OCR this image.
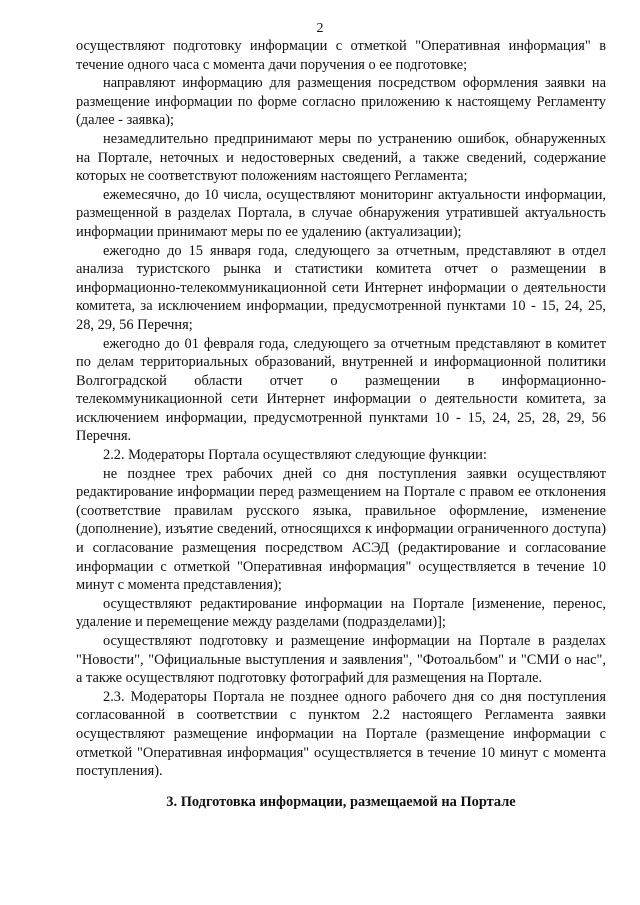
2

осуществляют подготовку информации с отметкой "Оперативная информация" в течение одного часа с момента дачи поручения о ее подготовке;

направляют информацию для размещения посредством оформления заявки на размещение информации по форме согласно приложению к настоящему Регламенту (далее - заявка);

незамедлительно предпринимают меры по устранению ошибок, обнаруженных на Портале, неточных и недостоверных сведений, а также сведений, содержание которых не соответствуют положениям настоящего Регламента;

ежемесячно, до 10 числа, осуществляют мониторинг актуальности информации, размещенной в разделах Портала, в случае обнаружения утратившей актуальность информации принимают меры по ее удалению (актуализации);

ежегодно до 15 января года, следующего за отчетным, представляют в отдел анализа туристского рынка и статистики комитета отчет о размещении в информационно-телекоммуникационной сети Интернет информации о деятельности комитета, за исключением информации, предусмотренной пунктами 10 - 15, 24, 25, 28, 29, 56 Перечня;

ежегодно до 01 февраля года, следующего за отчетным представляют в комитет по делам территориальных образований, внутренней и информационной политики Волгоградской области отчет о размещении в информационно-телекоммуникационной сети Интернет информации о деятельности комитета, за исключением информации, предусмотренной пунктами 10 - 15, 24, 25, 28, 29, 56 Перечня.

2.2. Модераторы Портала осуществляют следующие функции:

не позднее трех рабочих дней со дня поступления заявки осуществляют редактирование информации перед размещением на Портале с правом ее отклонения (соответствие правилам русского языка, правильное оформление, изменение (дополнение), изъятие сведений, относящихся к информации ограниченного доступа) и согласование размещения посредством АСЭД (редактирование и согласование информации с отметкой "Оперативная информация" осуществляется в течение 10 минут с момента представления);

осуществляют редактирование информации на Портале [изменение, перенос, удаление и перемещение между разделами (подразделами)];

осуществляют подготовку и размещение информации на Портале в разделах "Новости", "Официальные выступления и заявления", "Фотоальбом" и "СМИ о нас", а также осуществляют подготовку фотографий для размещения на Портале.

2.3. Модераторы Портала не позднее одного рабочего дня со дня поступления согласованной в соответствии с пунктом 2.2 настоящего Регламента заявки осуществляют размещение информации на Портале (размещение информации с отметкой "Оперативная информация" осуществляется в течение 10 минут с момента поступления).

3. Подготовка информации, размещаемой на Портале
